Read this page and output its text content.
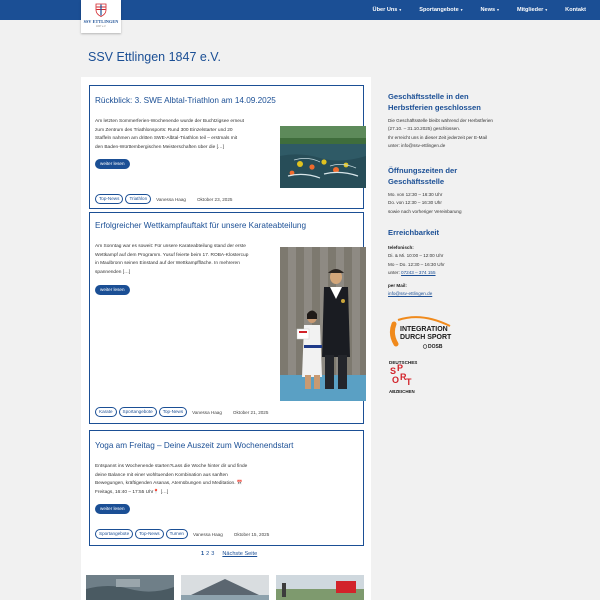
SSV ETTLINGEN
1847 e.V.
Über Uns ▾	Sportangebote ▾	News ▾	Mitglieder ▾	Kontakt
SSV Ettlingen 1847 e.V.
Rückblick: 3. SWE Albtal-Triathlon am 14.09.2025
Am letzten Sommerferien-Wochenende wurde der Buchtzigsee erneut
zum Zentrum des Triathlonsports: Rund 300 Einzelstarter und 20
Staffeln nahmen am dritten SWE-Albtal-Triathlon teil – erstmals mit
den Baden-Württembergischen Meisterschaften über die […]
weiter lesen
Top-News	Triathlon	Vanessa Haag Oktober 23, 2025
Erfolgreicher Wettkampfauftakt für unsere Karateabteilung
Am Sonntag war es soweit: Für unsere Karateabteilung stand der erste
Wettkampf auf dem Programm. Yusuf feierte beim 17. ROBA-Klostercup
in Maulbronn seinen Einstand auf der Wettkampffläche. In mehreren
spannenden […]
weiter lesen
Karate	Sportangebote	Top-News	Vanessa Haag Oktober 21, 2025
Yoga am Freitag – Deine Auszeit zum Wochenendstart
Entspannt ins Wochenende starten?Lass die Woche hinter dir und finde
deine Balance mit einer wohltuenden Kombination aus sanften
Bewegungen, kräftigenden Asanas, Atemübungen und Meditation. 📅
Freitags, 16:40 – 17:55 Uhr📍 […]
weiter lesen
Sportangebote	Top-News	Turnen	Vanessa Haag Oktober 15, 2025
1 2 3 Nächste Seite
Geschäftsstelle in den
Herbstferien geschlossen
Die Geschäftsstelle bleibt während der Herbstferien
(27.10. – 31.10.2025) geschlossen.
Ihr erreicht uns in dieser Zeit jederzeit per E-Mail
unter: info@ssv-ettlingen.de
Öffnungszeiten der
Geschäftsstelle
Mo. von 12:30 – 16:30 Uhr
Do. von 12:30 – 16:30 Uhr
sowie nach vorheriger Vereinbarung
Erreichbarkeit
telefonisch:
Di. & Mi. 10:00 – 12:00 Uhr
Mo – Do. 12:30 – 16:30 Uhr
unter: 07243 – 374 155
per Mail:
info@ssv-ettlingen.de
INTEGRATION
DURCH SPORT
DOSB
DEUTSCHES
S P
O R T
ABZEICHEN
